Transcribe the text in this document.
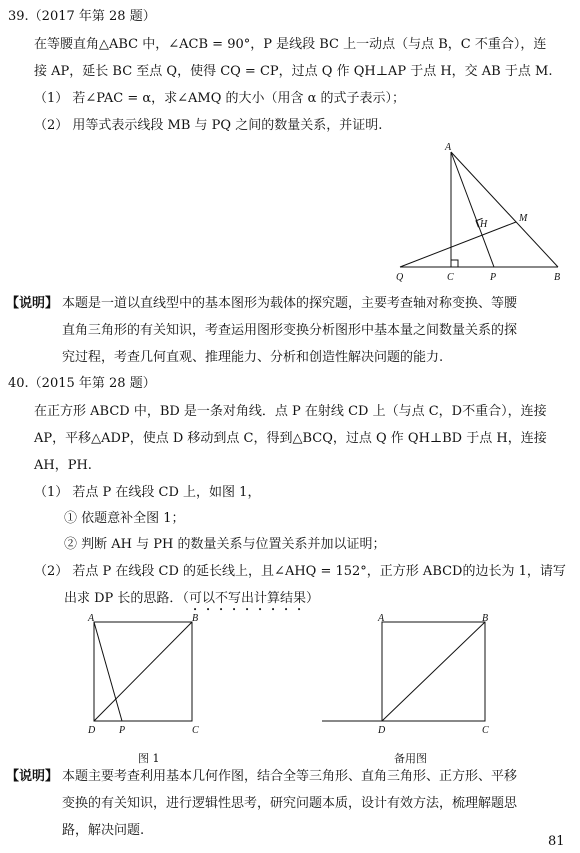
39.（2017 年第 28 题）
在等腰直角△ABC 中，∠ACB = 90°，P 是线段 BC 上一动点（与点 B，C 不重合），连
接 AP，延长 BC 至点 Q，使得 CQ = CP，过点 Q 作 QH⊥AP 于点 H，交 AB 于点 M.
（1） 若∠PAC = α，求∠AMQ 的大小（用含 α 的式子表示）；
（2） 用等式表示线段 MB 与 PQ 之间的数量关系，并证明.
A
M
H
Q	C	P	B
【说明】 本题是一道以直线型中的基本图形为载体的探究题，主要考查轴对称变换、等腰
直角三角形的有关知识，考查运用图形变换分析图形中基本量之间数量关系的探
究过程，考查几何直观、推理能力、分析和创造性解决问题的能力.
40.（2015 年第 28 题）
在正方形 ABCD 中，BD 是一条对角线．点 P 在射线 CD 上（与点 C，D不重合），连接
AP，平移△ADP，使点 D 移动到点 C，得到△BCQ，过点 Q 作 QH⊥BD 于点 H，连接
AH，PH.
（1） 若点 P 在线段 CD 上，如图 1，
① 依题意补全图 1；
② 判断 AH 与 PH 的数量关系与位置关系并加以证明；
（2） 若点 P 在线段 CD 的延长线上，且∠AHQ = 152°，正方形 ABCD的边长为 1，请写
出求 DP 长的思路．（可以不写出计算结果）
A	B
D P	C
图 1
A	B
D	C
备用图
【说明】 本题主要考查利用基本几何作图，结合全等三角形、直角三角形、正方形、平移
变换的有关知识，进行逻辑性思考，研究问题本质，设计有效方法，梳理解题思
路，解决问题.
81
